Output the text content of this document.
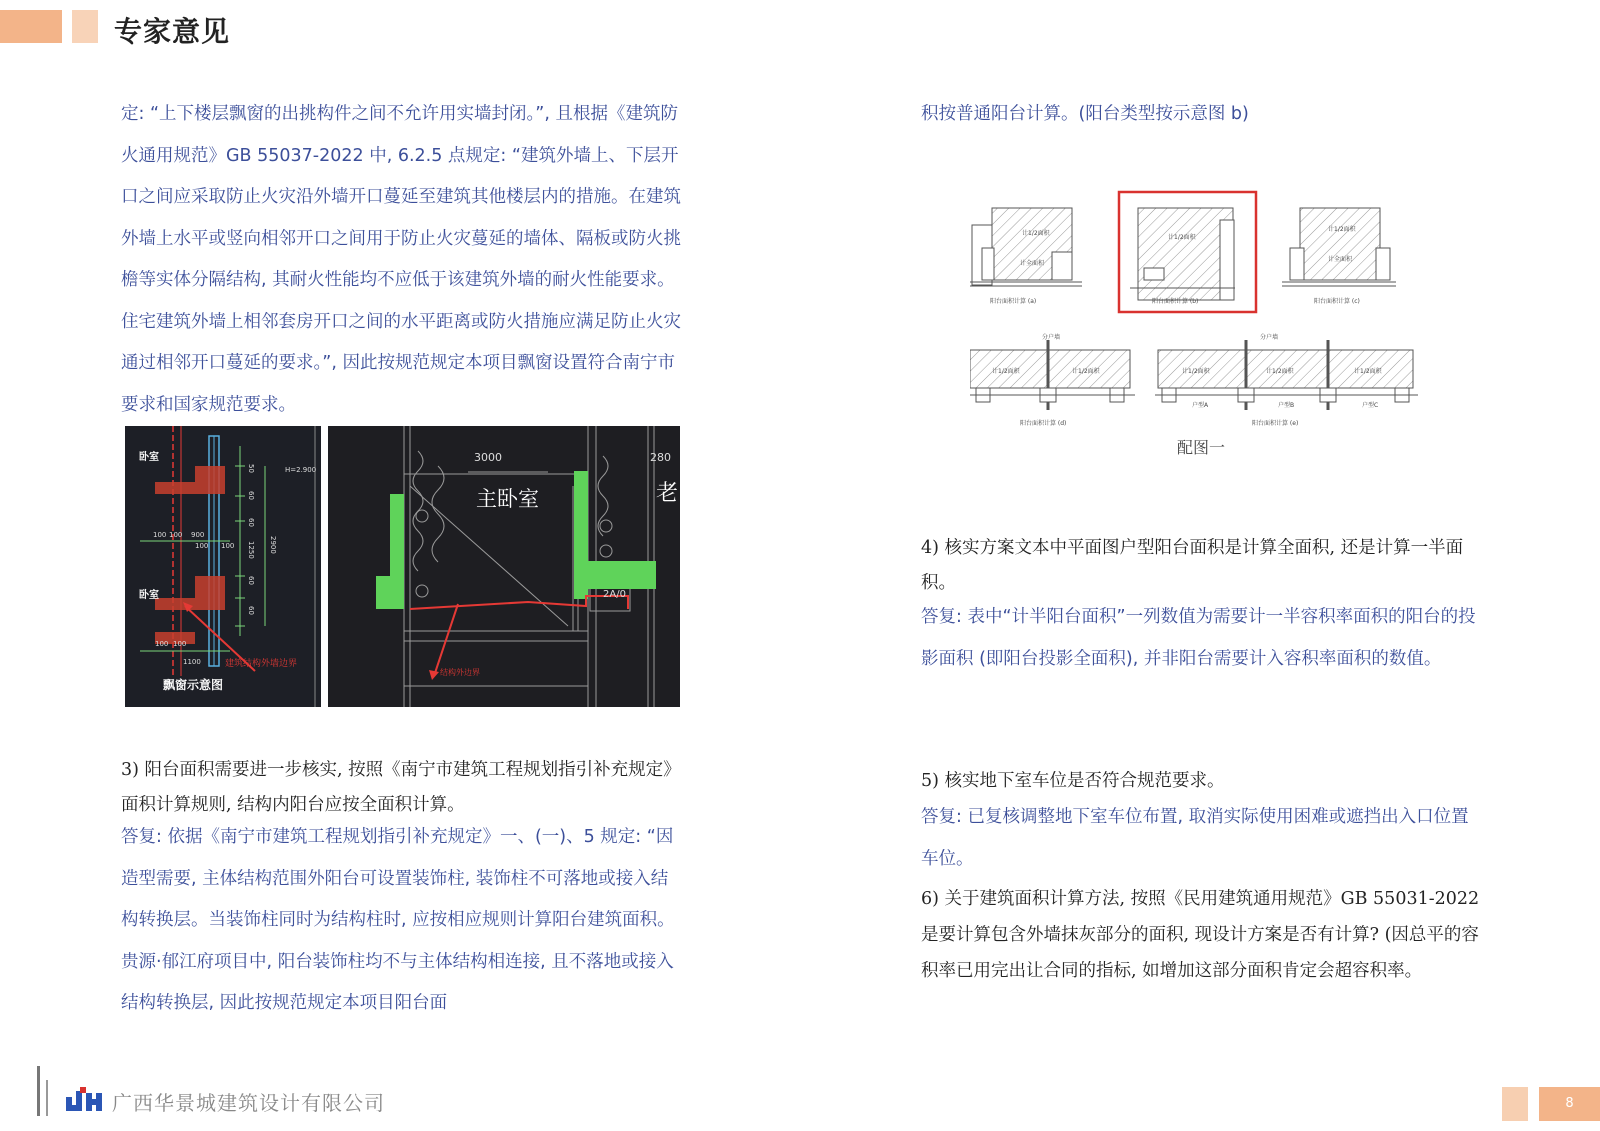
专家意见

定: “上下楼层飘窗的出挑构件之间不允许用实墙封闭。”, 且根据《建筑防火通用规范》GB 55037-2022 中, 6.2.5 点规定: “建筑外墙上、下层开口之间应采取防止火灾沿外墙开口蔓延至建筑其他楼层内的措施。在建筑外墙上水平或竖向相邻开口之间用于防止火灾蔓延的墙体、隔板或防火挑檐等实体分隔结构, 其耐火性能均不应低于该建筑外墙的耐火性能要求。住宅建筑外墙上相邻套房开口之间的水平距离或防火措施应满足防止火灾通过相邻开口蔓延的要求。”, 因此按规范规定本项目飘窗设置符合南宁市要求和国家规范要求。

卧室
卧室
H=2.900
50
60
60
1250
60
60
2900
100 100 900
100 100
100 100
1100	建筑结构外墙边界
飘窗示意图
3000	280
主卧室	老
2A/0
结构外边界

3) 阳台面积需要进一步核实, 按照《南宁市建筑工程规划指引补充规定》面积计算规则, 结构内阳台应按全面积计算。

答复: 依据《南宁市建筑工程规划指引补充规定》一、(一)、5 规定: “因造型需要, 主体结构范围外阳台可设置装饰柱, 装饰柱不可落地或接入结构转换层。当装饰柱同时为结构柱时, 应按相应规则计算阳台建筑面积。贵源·郁江府项目中, 阳台装饰柱均不与主体结构相连接, 且不落地或接入结构转换层, 因此按规范规定本项目阳台面

积按普通阳台计算。(阳台类型按示意图 b)

计1/2面积
计全面积
计1/2面积
计1/2面积
计全面积
阳台面积计算 (a)	阳台面积计算 (b)	阳台面积计算 (c)
分户墙	分户墙
计1/2面积	计1/2面积	计1/2面积	计1/2面积	计1/2面积
户型A	户型B	户型C
阳台面积计算 (d)	阳台面积计算 (e)
配图一

4) 核实方案文本中平面图户型阳台面积是计算全面积, 还是计算一半面积。

答复: 表中“计半阳台面积”一列数值为需要计一半容积率面积的阳台的投影面积 (即阳台投影全面积), 并非阳台需要计入容积率面积的数值。

5) 核实地下室车位是否符合规范要求。

答复: 已复核调整地下室车位布置, 取消实际使用困难或遮挡出入口位置车位。

6) 关于建筑面积计算方法, 按照《民用建筑通用规范》GB 55031-2022 是要计算包含外墙抹灰部分的面积, 现设计方案是否有计算? (因总平的容积率已用完出让合同的指标, 如增加这部分面积肯定会超容积率。

广西华景城建筑设计有限公司	8
